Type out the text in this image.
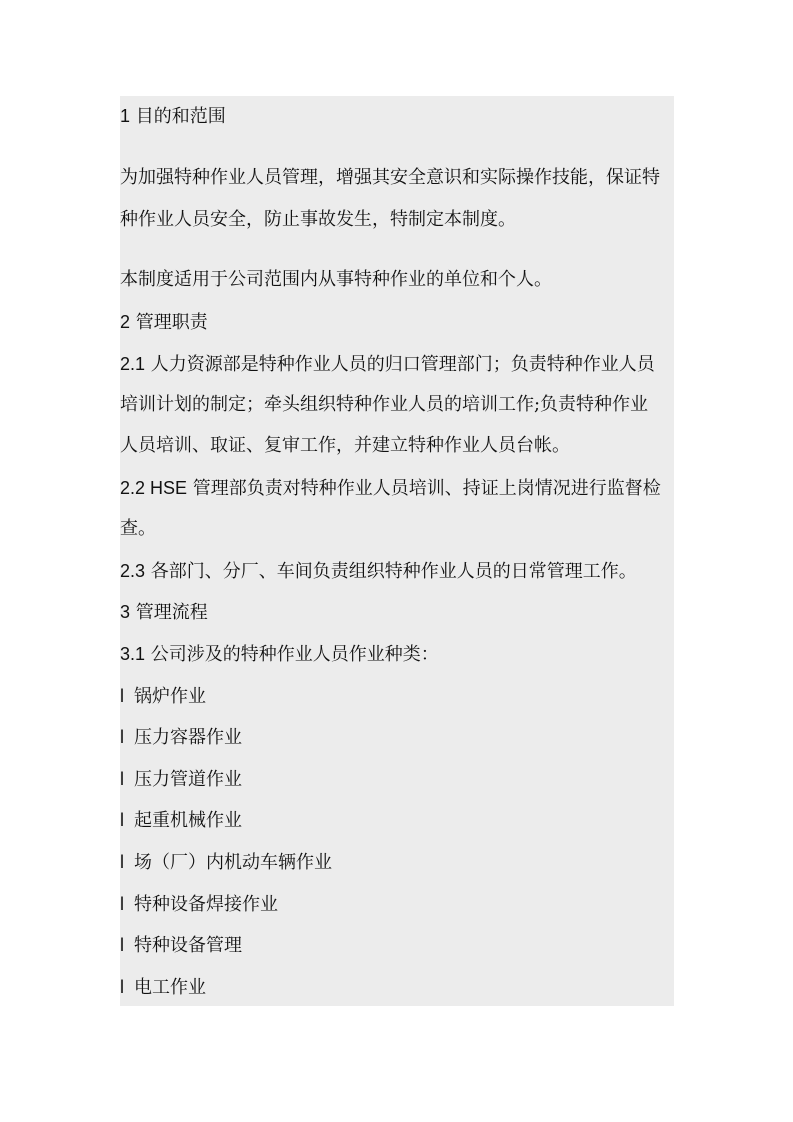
1 目的和范围
为加强特种作业人员管理，增强其安全意识和实际操作技能，保证特
种作业人员安全，防止事故发生，特制定本制度。
本制度适用于公司范围内从事特种作业的单位和个人。
2 管理职责
2.1 人力资源部是特种作业人员的归口管理部门；负责特种作业人员
培训计划的制定；牵头组织特种作业人员的培训工作;负责特种作业
人员培训、取证、复审工作，并建立特种作业人员台帐。
2.2 HSE 管理部负责对特种作业人员培训、持证上岗情况进行监督检
查。
2.3 各部门、分厂、车间负责组织特种作业人员的日常管理工作。
3 管理流程
3.1 公司涉及的特种作业人员作业种类：
l 锅炉作业
l 压力容器作业
l 压力管道作业
l 起重机械作业
l 场（厂）内机动车辆作业
l 特种设备焊接作业
l 特种设备管理
l 电工作业
